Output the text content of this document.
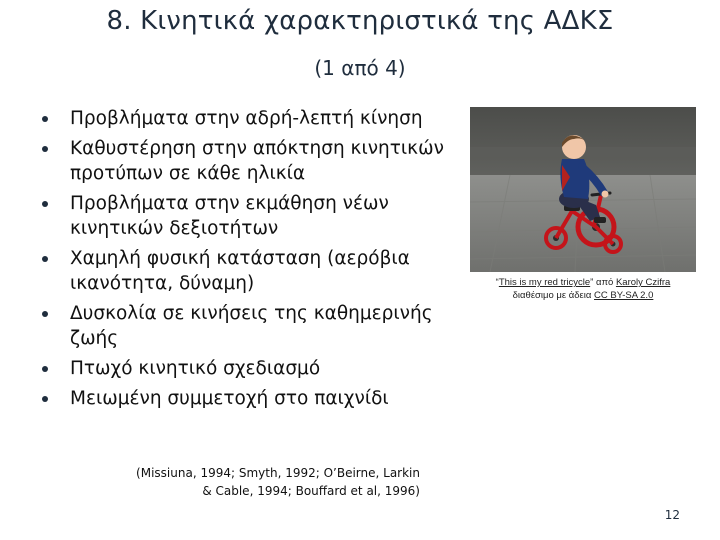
8. Κινητικά χαρακτηριστικά της ΑΔΚΣ
(1 από 4)
Προβλήματα στην αδρή-λεπτή κίνηση
Καθυστέρηση στην απόκτηση κινητικών προτύπων σε κάθε ηλικία
Προβλήματα στην εκμάθηση νέων κινητικών δεξιοτήτων
Χαμηλή φυσική κατάσταση (αερόβια ικανότητα, δύναμη)
Δυσκολία σε κινήσεις της καθημερινής ζωής
Πτωχό κινητικό σχεδιασμό
Μειωμένη συμμετοχή στο παιχνίδι
“This is my red tricycle” από Karoly Czifra
διαθέσιμο με άδεια CC BY-SA 2.0
(Missiuna, 1994; Smyth, 1992; O’Beirne, Larkin
& Cable, 1994; Bouffard et al, 1996)
12
